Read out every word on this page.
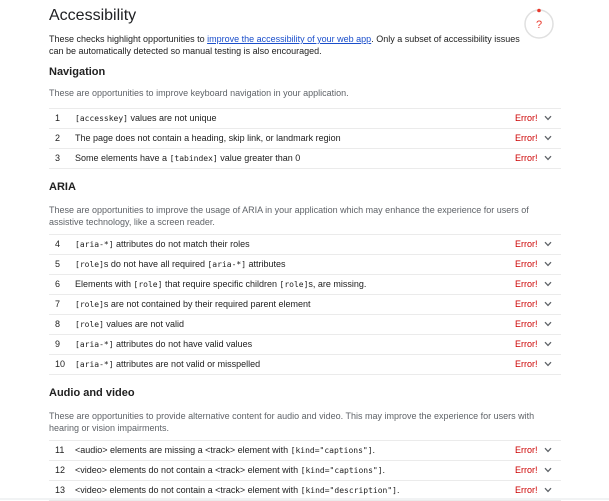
Accessibility
These checks highlight opportunities to improve the accessibility of your web app. Only a subset of accessibility issues can be automatically detected so manual testing is also encouraged.
?
Navigation
These are opportunities to improve keyboard navigation in your application.
1 [accesskey] values are not unique	Error!
2 The page does not contain a heading, skip link, or landmark region	Error!
3 Some elements have a [tabindex] value greater than 0	Error!
ARIA
These are opportunities to improve the usage of ARIA in your application which may enhance the experience for users of assistive technology, like a screen reader.
4 [aria-*] attributes do not match their roles	Error!
5 [role]s do not have all required [aria-*] attributes	Error!
6 Elements with [role] that require specific children [role]s, are missing.	Error!
7 [role]s are not contained by their required parent element	Error!
8 [role] values are not valid	Error!
9 [aria-*] attributes do not have valid values	Error!
10 [aria-*] attributes are not valid or misspelled	Error!
Audio and video
These are opportunities to provide alternative content for audio and video. This may improve the experience for users with hearing or vision impairments.
11 <audio> elements are missing a <track> element with [kind="captions"].	Error!
12 <video> elements do not contain a <track> element with [kind="captions"].	Error!
13 <video> elements do not contain a <track> element with [kind="description"].	Error!
